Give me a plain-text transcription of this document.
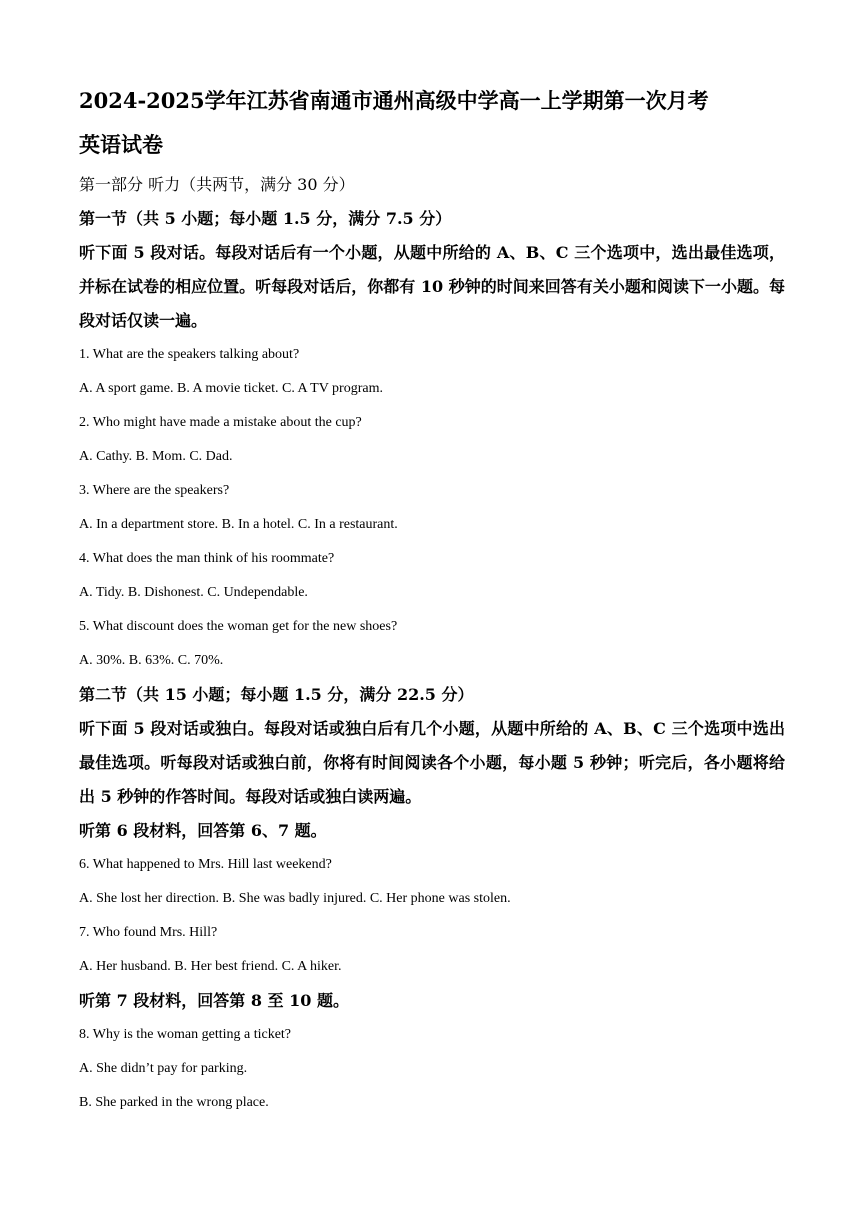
2024-2025学年江苏省南通市通州高级中学高一上学期第一次月考

英语试卷

第一部分 听力（共两节，满分 30 分）

第一节（共 5 小题；每小题 1.5 分，满分 7.5 分）

听下面 5 段对话。每段对话后有一个小题，从题中所给的 A、B、C 三个选项中，选出最佳选项，并标在试卷的相应位置。听每段对话后，你都有 10 秒钟的时间来回答有关小题和阅读下一小题。每段对话仅读一遍。

1. What are the speakers talking about?

A. A sport game. B. A movie ticket. C. A TV program.

2. Who might have made a mistake about the cup?

A. Cathy. B. Mom. C. Dad.

3. Where are the speakers?

A. In a department store. B. In a hotel. C. In a restaurant.

4. What does the man think of his roommate?

A. Tidy. B. Dishonest. C. Undependable.

5. What discount does the woman get for the new shoes?

A. 30%. B. 63%. C. 70%.

第二节（共 15 小题；每小题 1.5 分，满分 22.5 分）

听下面 5 段对话或独白。每段对话或独白后有几个小题，从题中所给的 A、B、C 三个选项中选出最佳选项。听每段对话或独白前，你将有时间阅读各个小题，每小题 5 秒钟；听完后，各小题将给出 5 秒钟的作答时间。每段对话或独白读两遍。

听第 6 段材料，回答第 6、7 题。

6. What happened to Mrs. Hill last weekend?

A. She lost her direction. B. She was badly injured. C. Her phone was stolen.

7. Who found Mrs. Hill?

A. Her husband. B. Her best friend. C. A hiker.

听第 7 段材料，回答第 8 至 10 题。

8. Why is the woman getting a ticket?

A. She didn’t pay for parking.

B. She parked in the wrong place.
